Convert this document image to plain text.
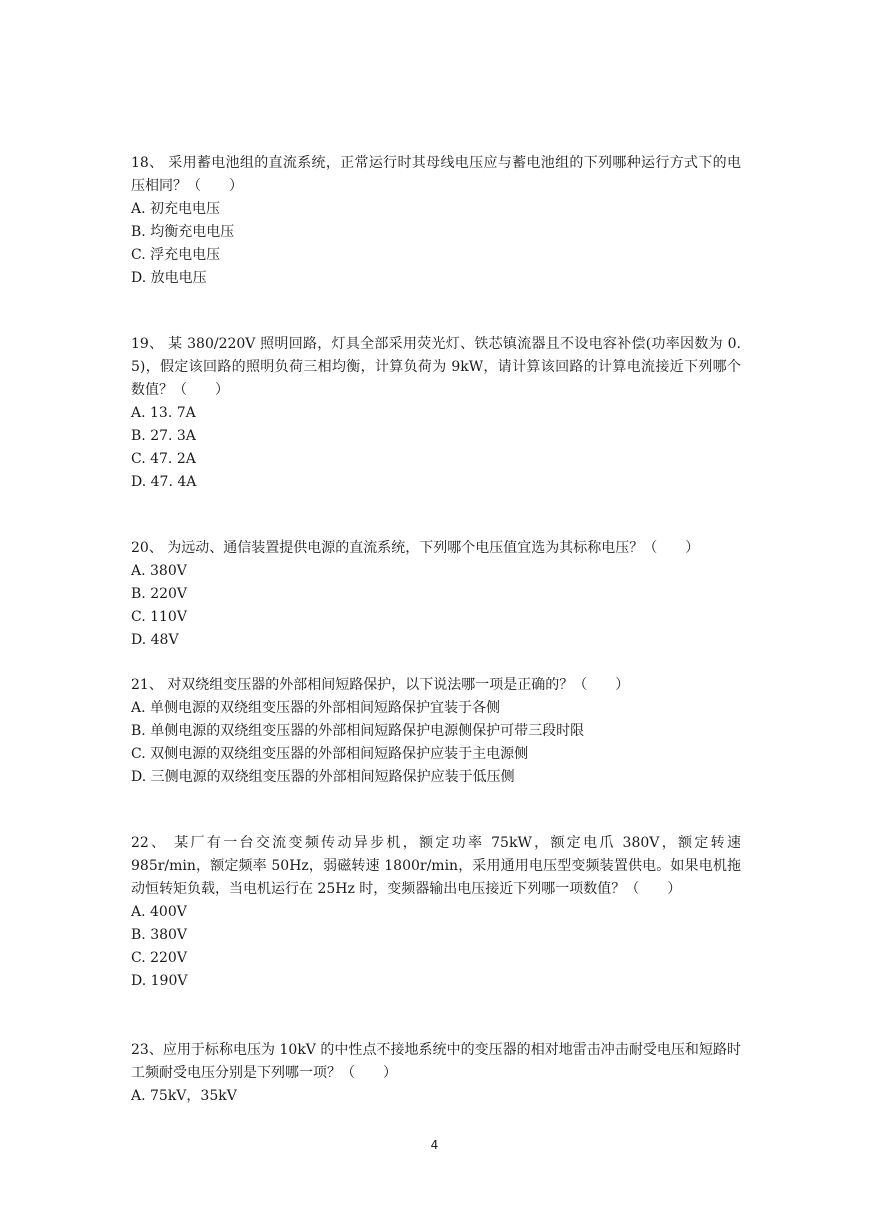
18、 采用蓄电池组的直流系统，正常运行时其母线电压应与蓄电池组的下列哪种运行方式下的电压相同？（　　）

A. 初充电电压

B. 均衡充电电压

C. 浮充电电压

D. 放电电压

19、 某 380/220V 照明回路，灯具全部采用荧光灯、铁芯镇流器且不设电容补偿(功率因数为 0. 5)，假定该回路的照明负荷三相均衡，计算负荷为 9kW，请计算该回路的计算电流接近下列哪个数值？（　　）

A. 13. 7A

B. 27. 3A

C. 47. 2A

D. 47. 4A

20、 为远动、通信装置提供电源的直流系统，下列哪个电压值宜选为其标称电压？（　　）

A. 380V

B. 220V

C. 110V

D. 48V

21、 对双绕组变压器的外部相间短路保护，以下说法哪一项是正确的？（　　）

A. 单侧电源的双绕组变压器的外部相间短路保护宜装于各侧

B. 单侧电源的双绕组变压器的外部相间短路保护电源侧保护可带三段时限

C. 双侧电源的双绕组变压器的外部相间短路保护应装于主电源侧

D. 三侧电源的双绕组变压器的外部相间短路保护应装于低压侧

22、 某厂有一台交流变频传动异步机，额定功率 75kW，额定电爪 380V，额定转速 985r/min，额定频率 50Hz，弱磁转速 1800r/min，采用通用电压型变频装置供电。如果电机拖动恒转矩负载，当电机运行在 25Hz 时，变频器输出电压接近下列哪一项数值？（　　）

A. 400V

B. 380V

C. 220V

D. 190V

23、应用于标称电压为 10kV 的中性点不接地系统中的变压器的相对地雷击冲击耐受电压和短路时工频耐受电压分别是下列哪一项？（　　）

A. 75kV，35kV

4
